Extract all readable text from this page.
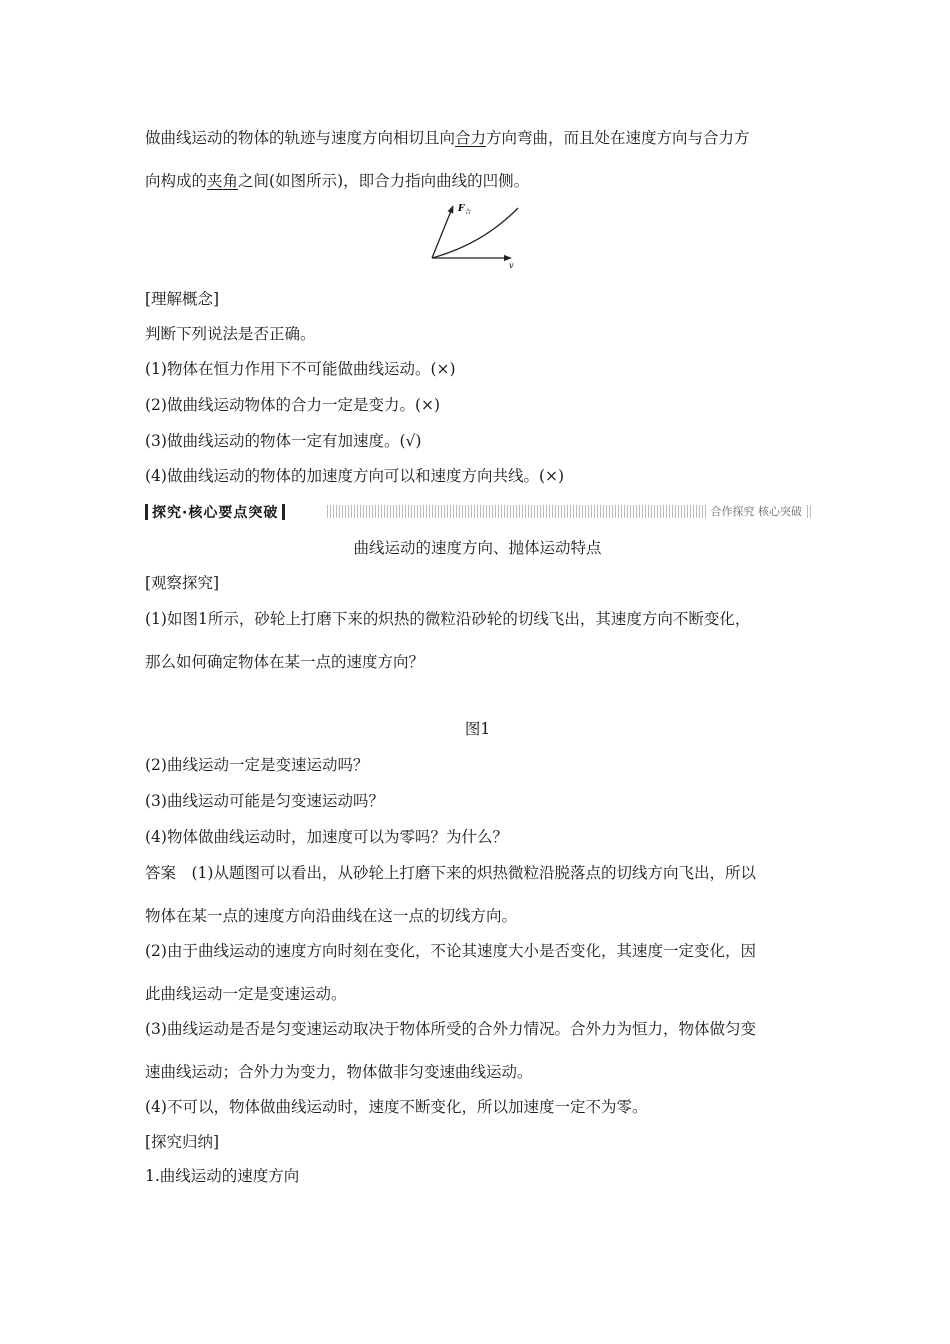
做曲线运动的物体的轨迹与速度方向相切且向合力方向弯曲，而且处在速度方向与合力方
向构成的夹角之间(如图所示)，即合力指向曲线的凹侧。
F 合
v
[理解概念]
判断下列说法是否正确。
(1)物体在恒力作用下不可能做曲线运动。(×)
(2)做曲线运动物体的合力一定是变力。(×)
(3)做曲线运动的物体一定有加速度。(√)
(4)做曲线运动的物体的加速度方向可以和速度方向共线。(×)
探究·核心要点突破	合作探究 核心突破
曲线运动的速度方向、抛体运动特点
[观察探究]
(1)如图1所示，砂轮上打磨下来的炽热的微粒沿砂轮的切线飞出，其速度方向不断变化，
那么如何确定物体在某一点的速度方向？
图1
(2)曲线运动一定是变速运动吗？
(3)曲线运动可能是匀变速运动吗？
(4)物体做曲线运动时，加速度可以为零吗？为什么？
答案　(1)从题图可以看出，从砂轮上打磨下来的炽热微粒沿脱落点的切线方向飞出，所以
物体在某一点的速度方向沿曲线在这一点的切线方向。
(2)由于曲线运动的速度方向时刻在变化，不论其速度大小是否变化，其速度一定变化，因
此曲线运动一定是变速运动。
(3)曲线运动是否是匀变速运动取决于物体所受的合外力情况。合外力为恒力，物体做匀变
速曲线运动；合外力为变力，物体做非匀变速曲线运动。
(4)不可以，物体做曲线运动时，速度不断变化，所以加速度一定不为零。
[探究归纳]
1.曲线运动的速度方向
